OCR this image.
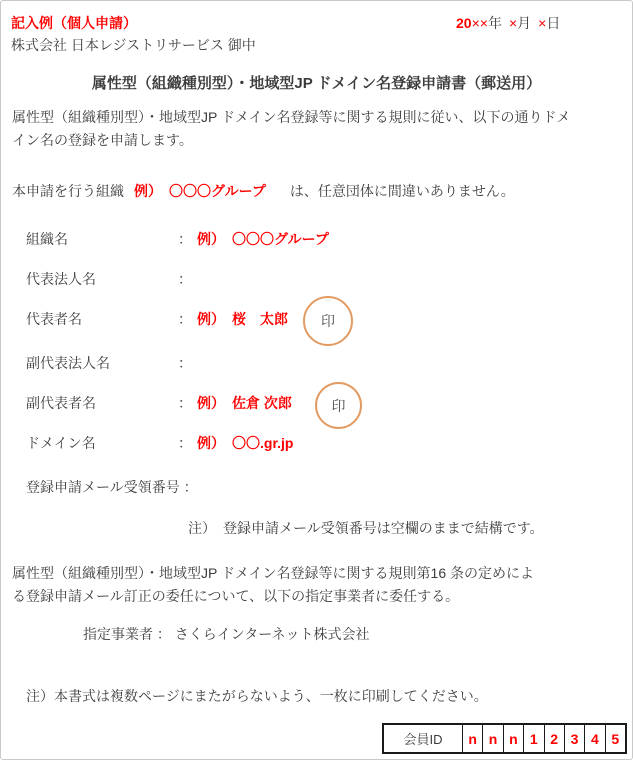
記入例（個人申請）	20××年 ×月 ×日
株式会社 日本レジストリサービス 御中
属性型（組織種別型）・地域型JP ドメイン名登録申請書（郵送用）
属性型（組織種別型）・地域型JP ドメイン名登録等に関する規則に従い、以下の通りドメ
イン名の登録を申請します。
本申請を行う組織 例）　〇〇〇グループ は、任意団体に間違いありません。
組織名	： 例）　〇〇〇グループ
代表法人名	：
代表者名	： 例）　桜　太郎
副代表法人名	：
副代表者名	： 例）　佐倉 次郎
ドメイン名	： 例）　〇〇.gr.jp
印
印
登録申請メール受領番号 ：
注）　登録申請メール受領番号は空欄のままで結構です。
属性型（組織種別型）・地域型JP ドメイン名登録等に関する規則第16 条の定めによ
る登録申請メール訂正の委任について、以下の指定事業者に委任する。
指定事業者 ： さくらインターネット株式会社
注）本書式は複数ページにまたがらないよう、一枚に印刷してください。
会員ID	n n n 1 2 3 4 5
